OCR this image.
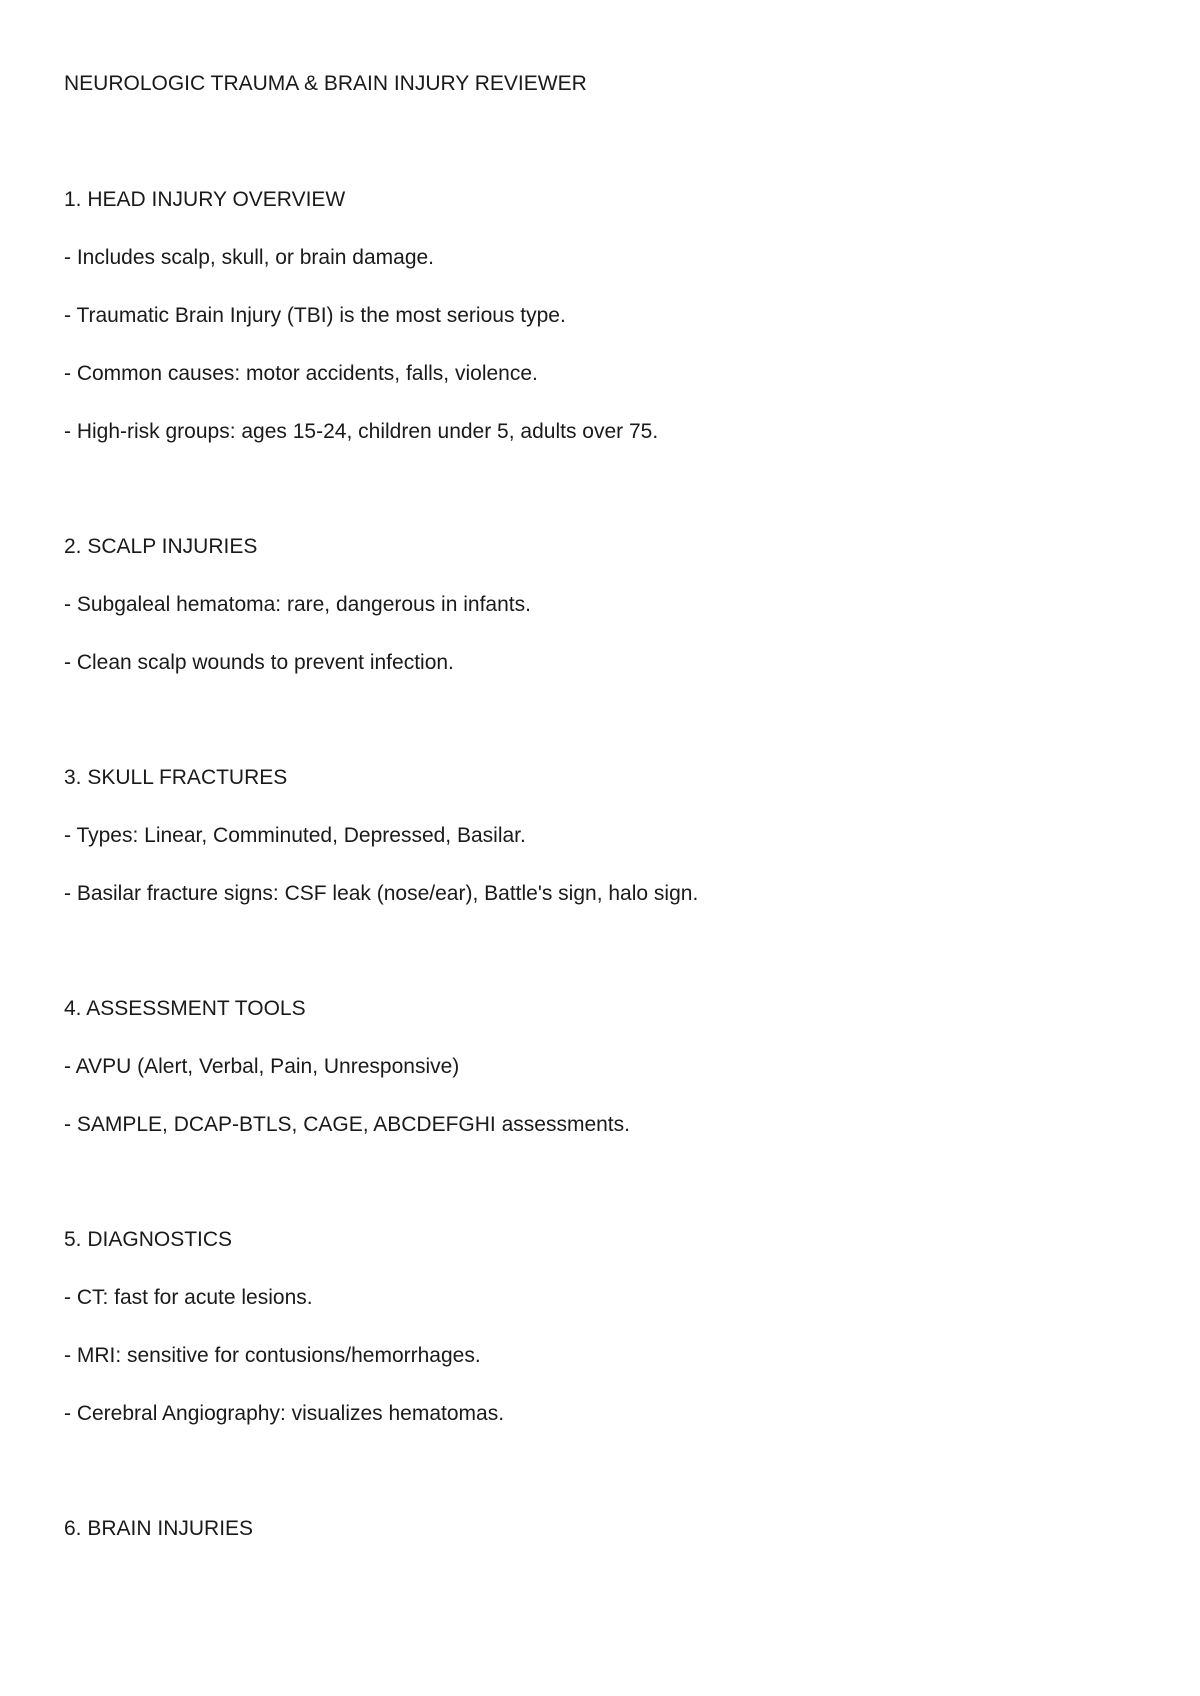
NEUROLOGIC TRAUMA & BRAIN INJURY REVIEWER

1. HEAD INJURY OVERVIEW

- Includes scalp, skull, or brain damage.

- Traumatic Brain Injury (TBI) is the most serious type.

- Common causes: motor accidents, falls, violence.

- High-risk groups: ages 15-24, children under 5, adults over 75.

2. SCALP INJURIES

- Subgaleal hematoma: rare, dangerous in infants.

- Clean scalp wounds to prevent infection.

3. SKULL FRACTURES

- Types: Linear, Comminuted, Depressed, Basilar.

- Basilar fracture signs: CSF leak (nose/ear), Battle's sign, halo sign.

4. ASSESSMENT TOOLS

- AVPU (Alert, Verbal, Pain, Unresponsive)

- SAMPLE, DCAP-BTLS, CAGE, ABCDEFGHI assessments.

5. DIAGNOSTICS

- CT: fast for acute lesions.

- MRI: sensitive for contusions/hemorrhages.

- Cerebral Angiography: visualizes hematomas.

6. BRAIN INJURIES
